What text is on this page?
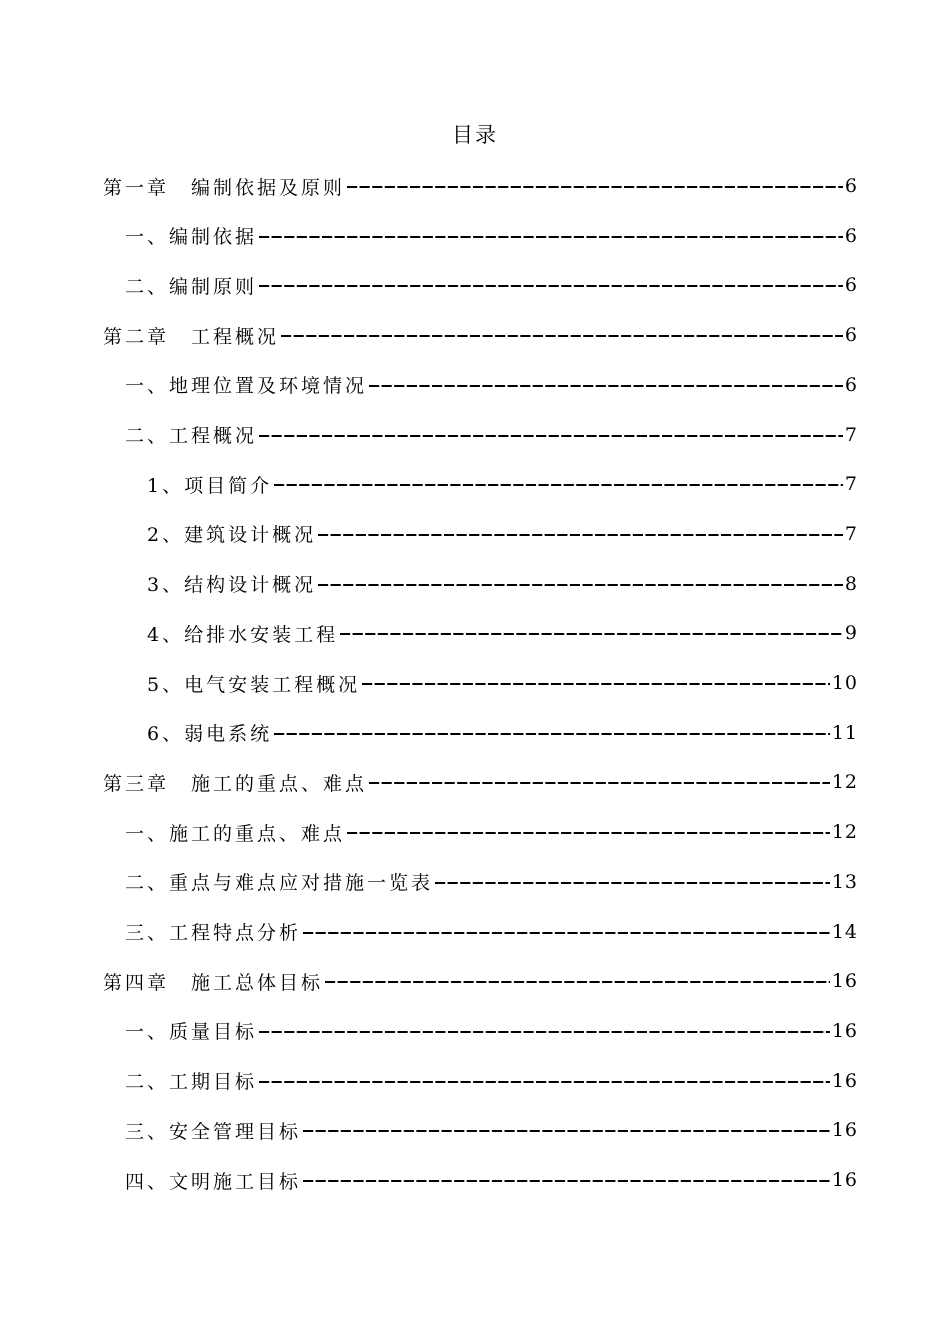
目录
第一章　编制依据及原则	6
一、编制依据	6
二、编制原则	6
第二章　工程概况	6
一、地理位置及环境情况	6
二、工程概况	7
1、项目简介	7
2、建筑设计概况	7
3、结构设计概况	8
4、给排水安装工程	9
5、电气安装工程概况	10
6、弱电系统	11
第三章　施工的重点、难点	12
一、施工的重点、难点	12
二、重点与难点应对措施一览表	13
三、工程特点分析	14
第四章　施工总体目标	16
一、质量目标	16
二、工期目标	16
三、安全管理目标	16
四、文明施工目标	16
